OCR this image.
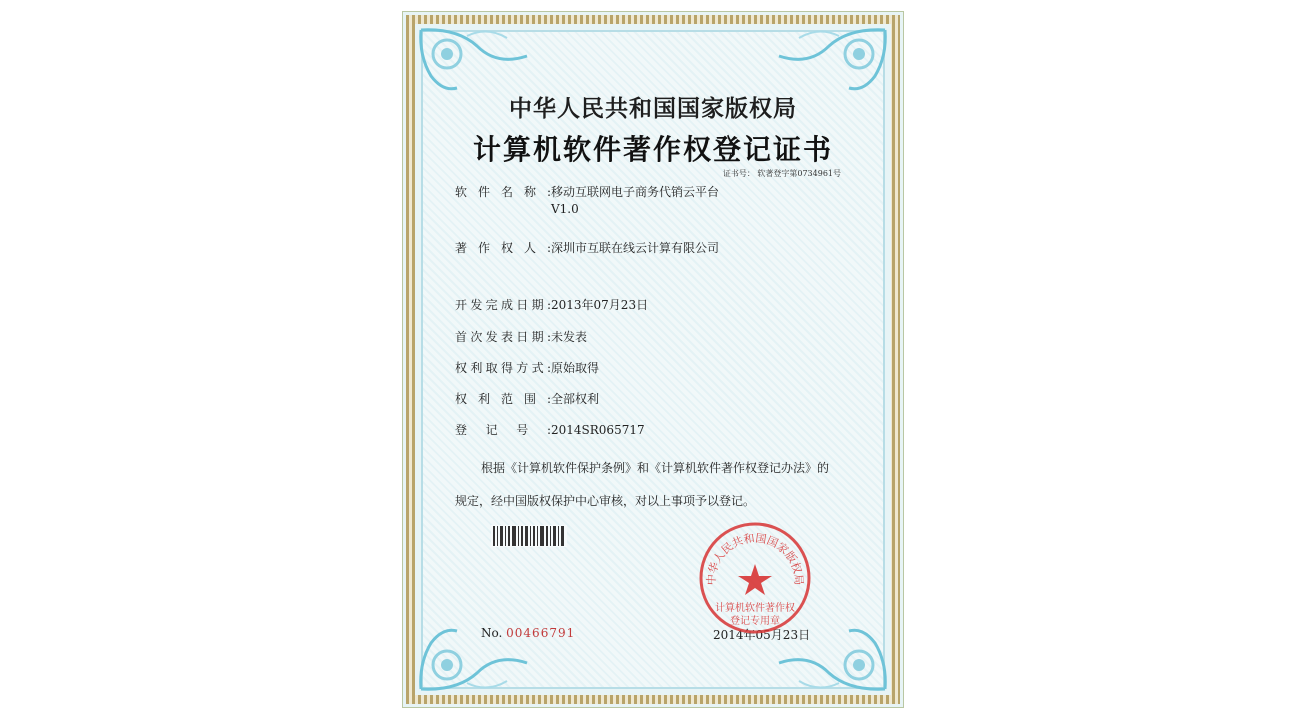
中华人民共和国国家版权局
计算机软件著作权登记证书
证书号： 软著登字第0734961号
软件名称:移动互联网电子商务代销云平台
V1.0
著作权人:深圳市互联在线云计算有限公司
开发完成日期:2013年07月23日
首次发表日期:未发表
权利取得方式:原始取得
权利范围:全部权利
登记号:2014SR065717

根据《计算机软件保护条例》和《计算机软件著作权登记办法》的

规定，经中国版权保护中心审核，对以上事项予以登记。

No. 00466791	2014年05月23日
中华人民共和国国家版权局
计算机软件著作权
登记专用章
